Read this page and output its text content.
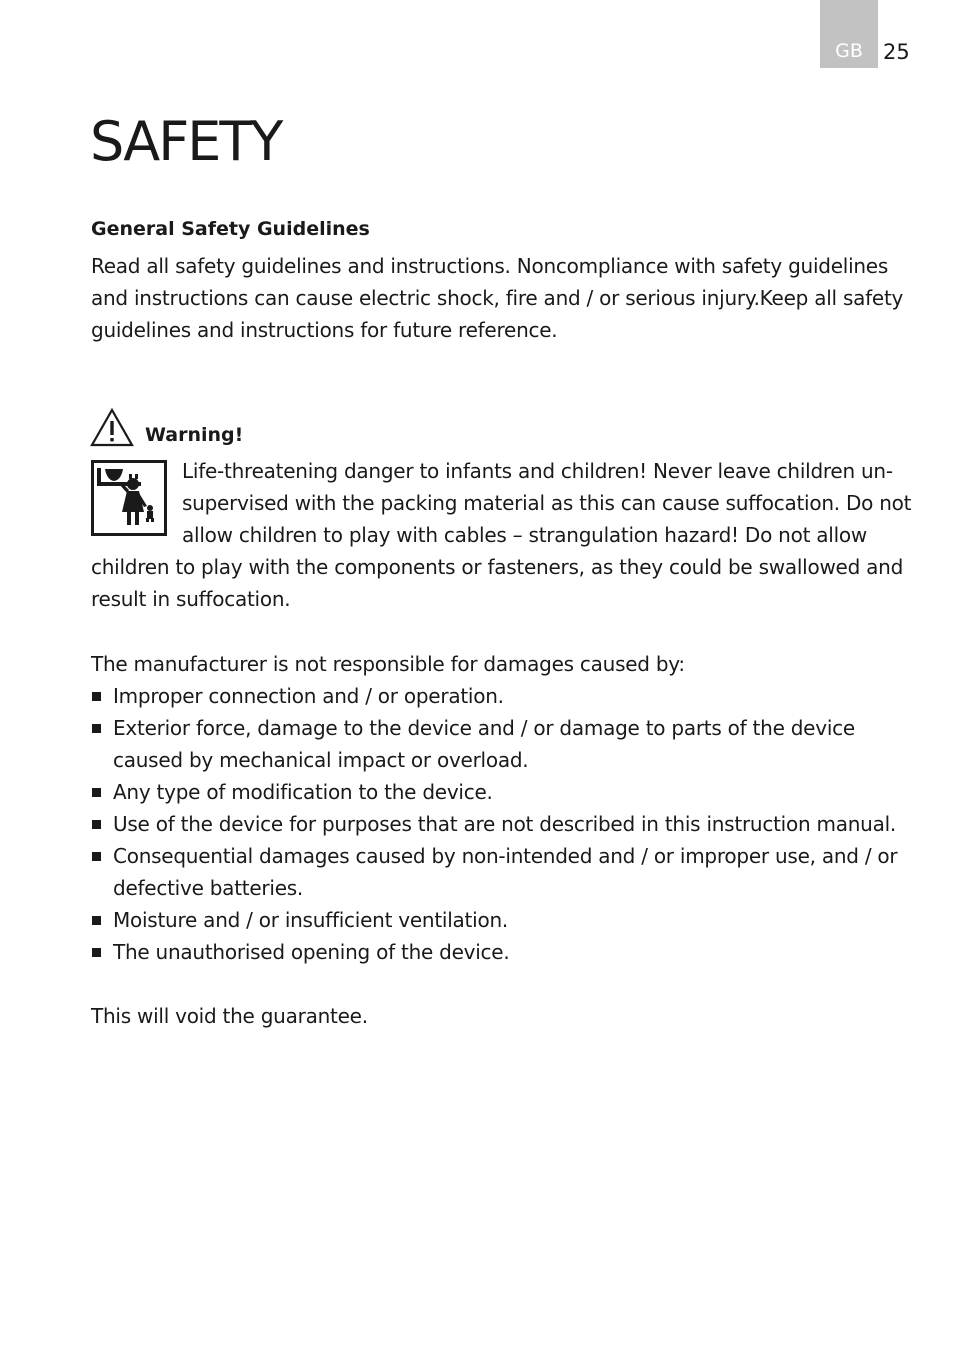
GB 25
SAFETY
General Safety Guidelines

Read all safety guidelines and instructions. Noncompliance with safety guidelines and instructions can cause electric shock, fire and / or serious injury.Keep all safety guidelines and instructions for future reference.

Warning!

Life-threatening danger to infants and children! Never leave children un-supervised with the packing material as this can cause suffocation. Do not allow children to play with cables – strangulation hazard! Do not allow children to play with the components or fasteners, as they could be swallowed and result in suffocation.

The manufacturer is not responsible for damages caused by:

Improper connection and / or operation.
Exterior force, damage to the device and / or damage to parts of the device caused by mechanical impact or overload.
Any type of modification to the device.
Use of the device for purposes that are not described in this instruction manual.
Consequential damages caused by non-intended and / or improper use, and / or defective batteries.
Moisture and / or insufficient ventilation.
The unauthorised opening of the device.

This will void the guarantee.
